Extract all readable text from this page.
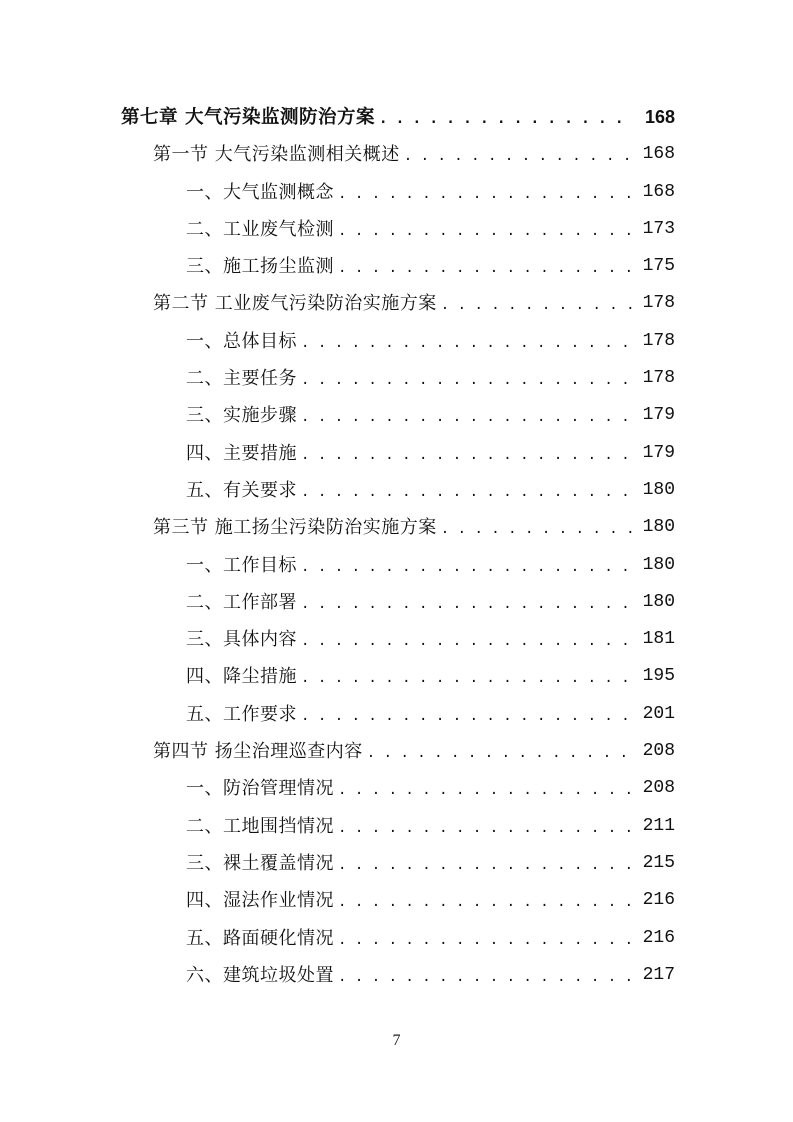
第七章 大气污染监测防治方案 . . .	168
第一节 大气污染监测相关概述 . . .	168
一、大气监测概念 . . .	168
二、工业废气检测 . . .	173
三、施工扬尘监测 . . .	175
第二节 工业废气污染防治实施方案 . . .	178
一、总体目标 . . .	178
二、主要任务 . . .	178
三、实施步骤 . . .	179
四、主要措施 . . .	179
五、有关要求 . . .	180
第三节 施工扬尘污染防治实施方案 . . .	180
一、工作目标 . . .	180
二、工作部署 . . .	180
三、具体内容 . . .	181
四、降尘措施 . . .	195
五、工作要求 . . .	201
第四节 扬尘治理巡查内容 . . .	208
一、防治管理情况 . . .	208
二、工地围挡情况 . . .	211
三、裸土覆盖情况 . . .	215
四、湿法作业情况 . . .	216
五、路面硬化情况 . . .	216
六、建筑垃圾处置 . . .	217
7
